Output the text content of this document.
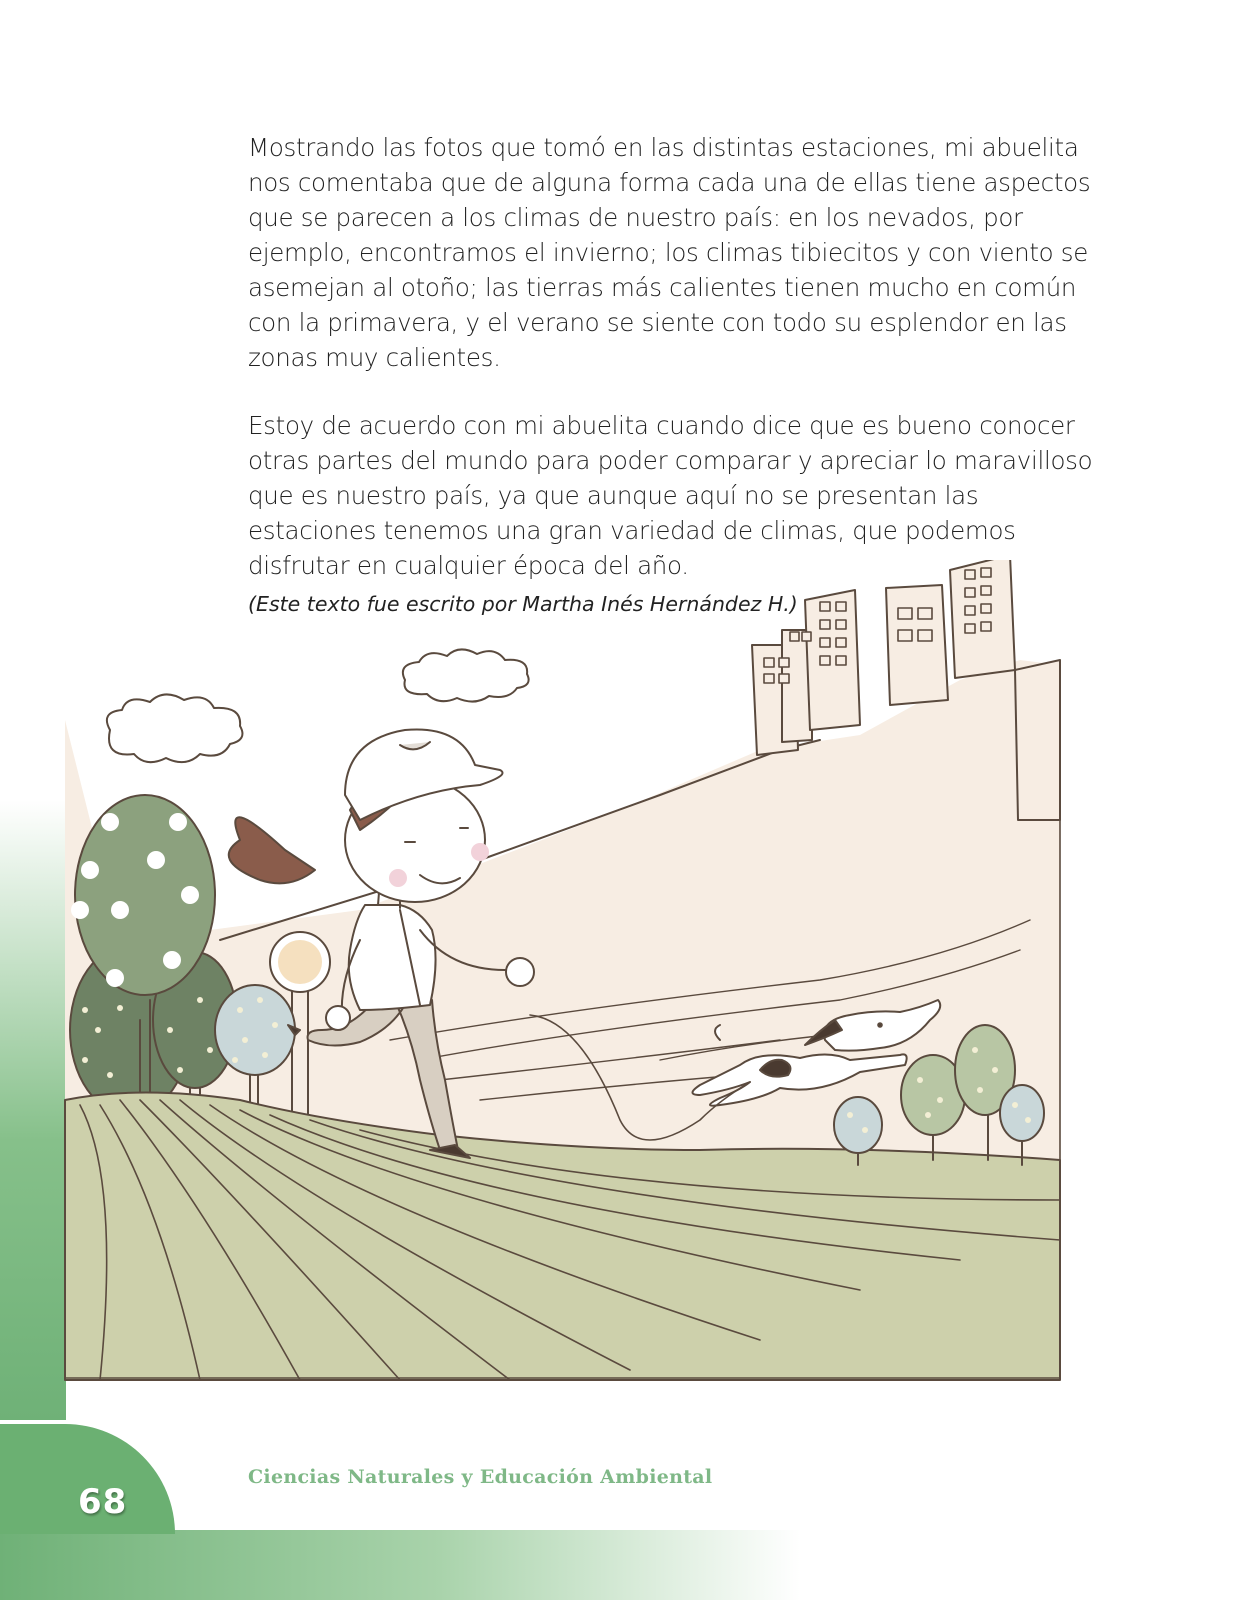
Mostrando las fotos que tomó en las distintas estaciones, mi abuelita nos comentaba que de alguna forma cada una de ellas tiene aspectos que se parecen a los climas de nuestro país: en los nevados, por ejemplo, encontramos el invierno; los climas tibiecitos y con viento se asemejan al otoño; las tierras más calientes tienen mucho en común con la primavera, y el verano se siente con todo su esplendor en las zonas muy calientes.

Estoy de acuerdo con mi abuelita cuando dice que es bueno conocer otras partes del mundo para poder comparar y apreciar lo maravilloso que es nuestro país, ya que aunque aquí no se presentan las estaciones tenemos una gran variedad de climas, que podemos disfrutar en cualquier época del año.

(Este texto fue escrito por Martha Inés Hernández H.)
68
Ciencias Naturales y Educación Ambiental
